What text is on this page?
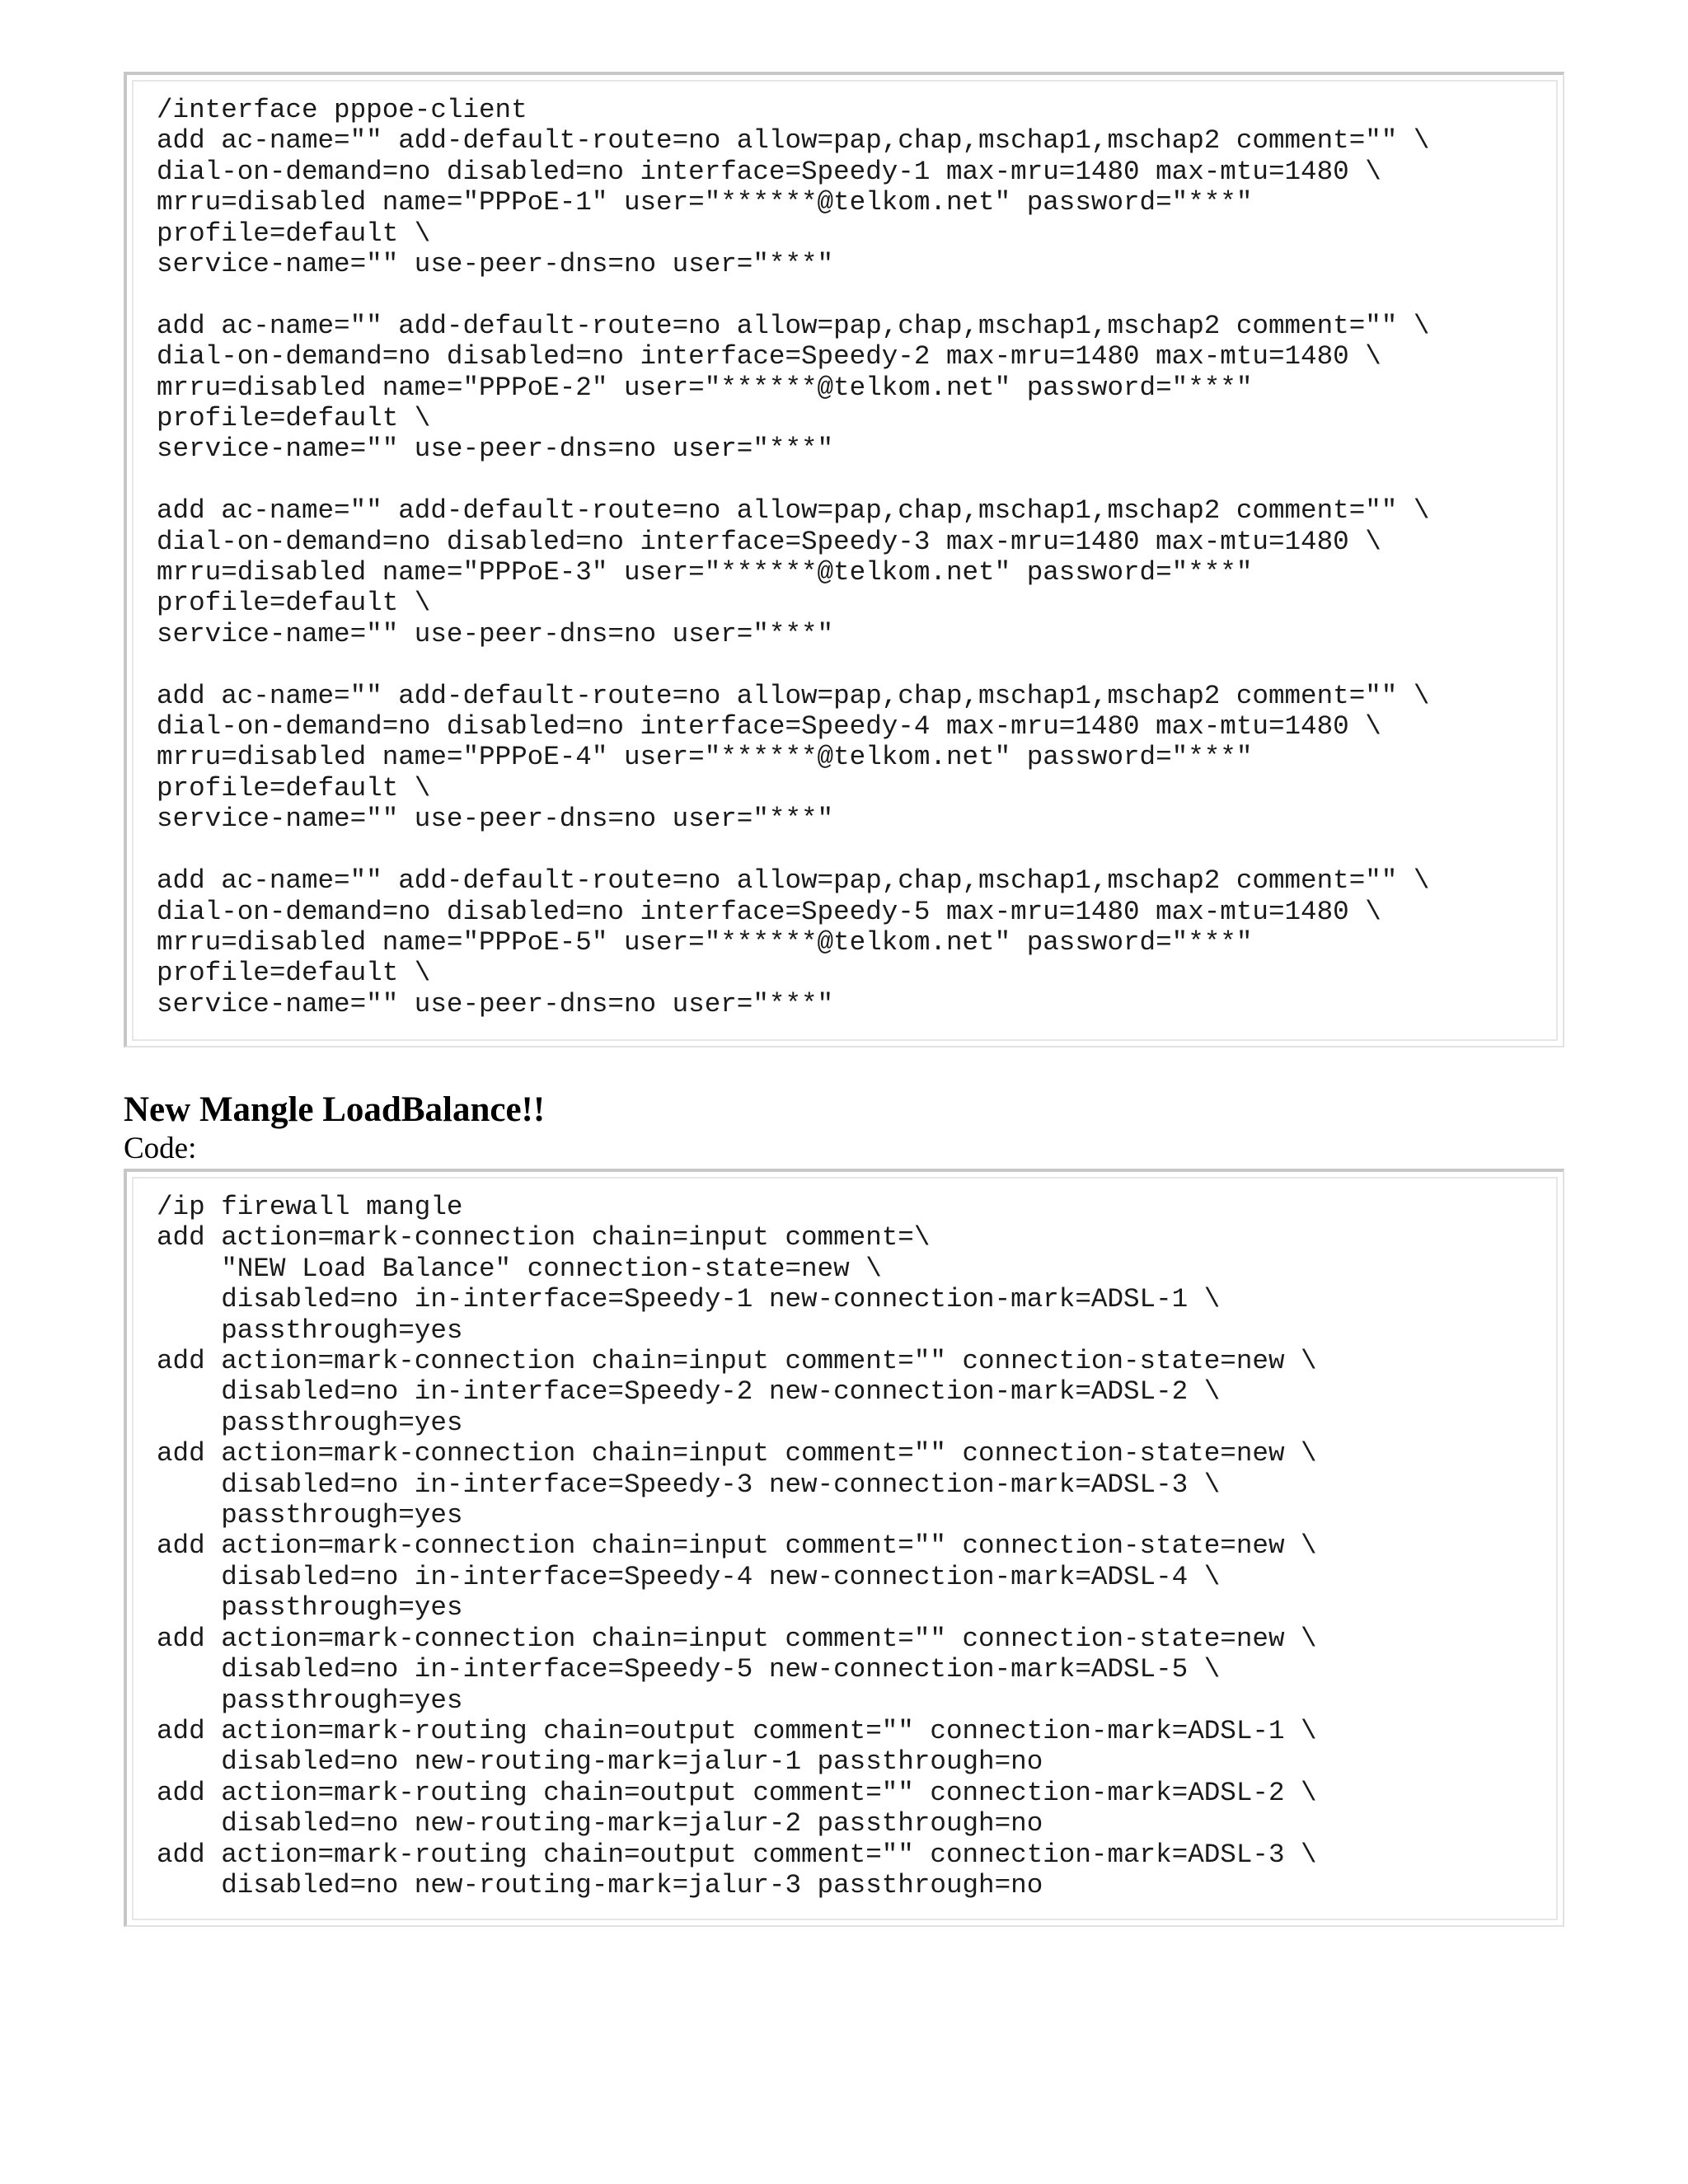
/interface pppoe-client
add ac-name="" add-default-route=no allow=pap,chap,mschap1,mschap2 comment="" \
dial-on-demand=no disabled=no interface=Speedy-1 max-mru=1480 max-mtu=1480 \
mrru=disabled name="PPPoE-1" user="******@telkom.net" password="***"
profile=default \
service-name="" use-peer-dns=no user="***"
add ac-name="" add-default-route=no allow=pap,chap,mschap1,mschap2 comment="" \
dial-on-demand=no disabled=no interface=Speedy-2 max-mru=1480 max-mtu=1480 \
mrru=disabled name="PPPoE-2" user="******@telkom.net" password="***"
profile=default \
service-name="" use-peer-dns=no user="***"
add ac-name="" add-default-route=no allow=pap,chap,mschap1,mschap2 comment="" \
dial-on-demand=no disabled=no interface=Speedy-3 max-mru=1480 max-mtu=1480 \
mrru=disabled name="PPPoE-3" user="******@telkom.net" password="***"
profile=default \
service-name="" use-peer-dns=no user="***"
add ac-name="" add-default-route=no allow=pap,chap,mschap1,mschap2 comment="" \
dial-on-demand=no disabled=no interface=Speedy-4 max-mru=1480 max-mtu=1480 \
mrru=disabled name="PPPoE-4" user="******@telkom.net" password="***"
profile=default \
service-name="" use-peer-dns=no user="***"
add ac-name="" add-default-route=no allow=pap,chap,mschap1,mschap2 comment="" \
dial-on-demand=no disabled=no interface=Speedy-5 max-mru=1480 max-mtu=1480 \
mrru=disabled name="PPPoE-5" user="******@telkom.net" password="***"
profile=default \
service-name="" use-peer-dns=no user="***"
New Mangle LoadBalance!!
Code:
/ip firewall mangle
add action=mark-connection chain=input comment=\
"NEW Load Balance" connection-state=new \
disabled=no in-interface=Speedy-1 new-connection-mark=ADSL-1 \
passthrough=yes
add action=mark-connection chain=input comment="" connection-state=new \
disabled=no in-interface=Speedy-2 new-connection-mark=ADSL-2 \
passthrough=yes
add action=mark-connection chain=input comment="" connection-state=new \
disabled=no in-interface=Speedy-3 new-connection-mark=ADSL-3 \
passthrough=yes
add action=mark-connection chain=input comment="" connection-state=new \
disabled=no in-interface=Speedy-4 new-connection-mark=ADSL-4 \
passthrough=yes
add action=mark-connection chain=input comment="" connection-state=new \
disabled=no in-interface=Speedy-5 new-connection-mark=ADSL-5 \
passthrough=yes
add action=mark-routing chain=output comment="" connection-mark=ADSL-1 \
disabled=no new-routing-mark=jalur-1 passthrough=no
add action=mark-routing chain=output comment="" connection-mark=ADSL-2 \
disabled=no new-routing-mark=jalur-2 passthrough=no
add action=mark-routing chain=output comment="" connection-mark=ADSL-3 \
disabled=no new-routing-mark=jalur-3 passthrough=no
